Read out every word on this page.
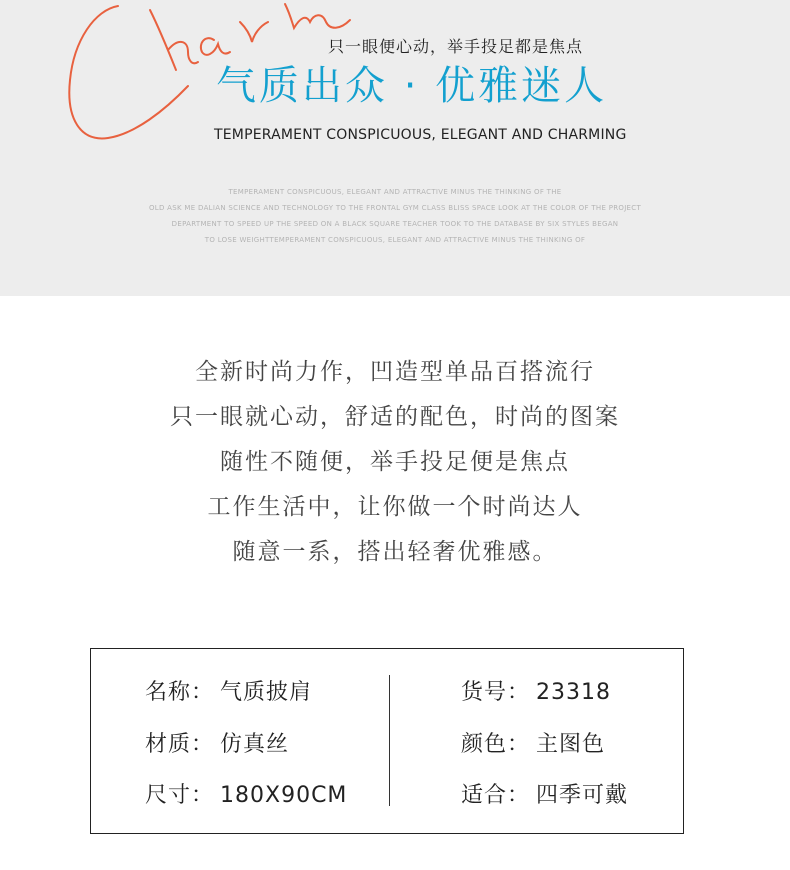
只一眼便心动，举手投足都是焦点
气质出众 · 优雅迷人
TEMPERAMENT CONSPICUOUS, ELEGANT AND CHARMING
TEMPERAMENT CONSPICUOUS, ELEGANT AND ATTRACTIVE MINUS THE THINKING OF THE
OLD ASK ME DALIAN SCIENCE AND TECHNOLOGY TO THE FRONTAL GYM CLASS BLISS SPACE LOOK AT THE COLOR OF THE PROJECT
DEPARTMENT TO SPEED UP THE SPEED ON A BLACK SQUARE TEACHER TOOK TO THE DATABASE BY SIX STYLES BEGAN
TO LOSE WEIGHTTEMPERAMENT CONSPICUOUS, ELEGANT AND ATTRACTIVE MINUS THE THINKING OF
全新时尚力作，凹造型单品百搭流行
只一眼就心动，舒适的配色，时尚的图案
随性不随便，举手投足便是焦点
工作生活中，让你做一个时尚达人
随意一系，搭出轻奢优雅感。
名称： 气质披肩
材质： 仿真丝
尺寸： 180X90CM
货号： 23318
颜色： 主图色
适合： 四季可戴
